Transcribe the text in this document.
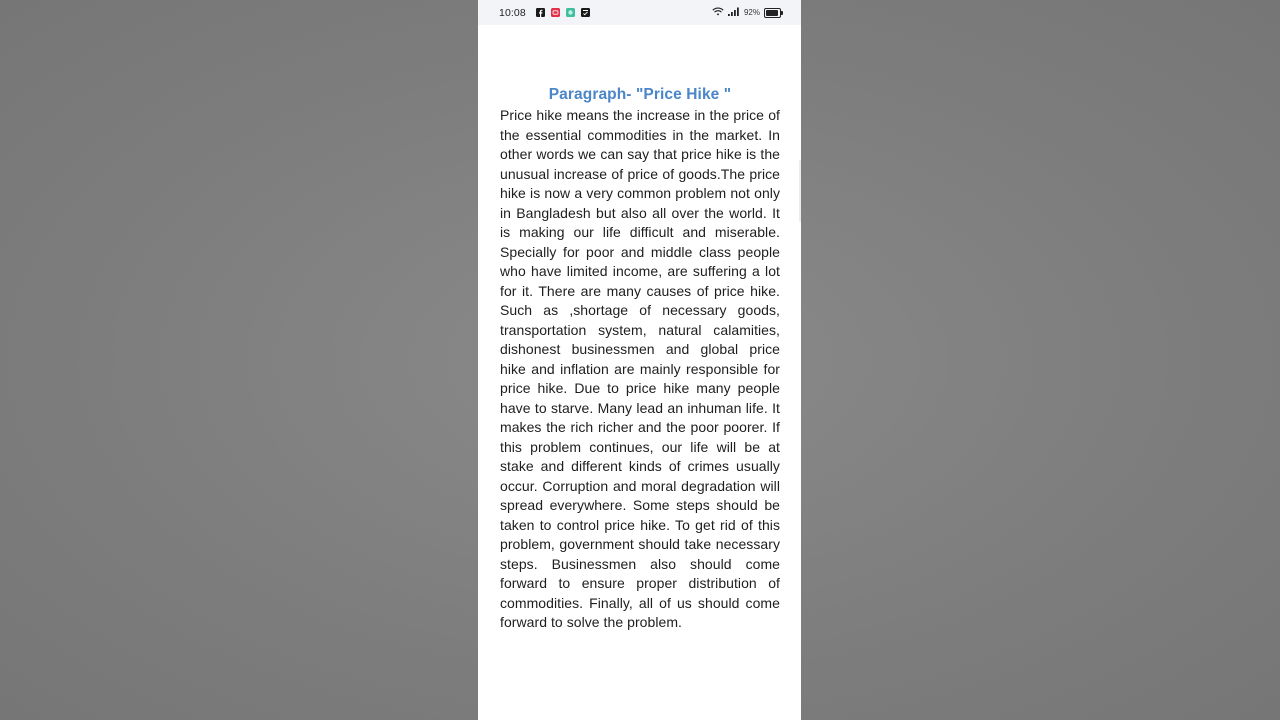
10:08	92%
Paragraph- "Price Hike "

Price hike means the increase in the price of the essential commodities in the market. In other words we can say that price hike is the unusual increase of price of goods.The price hike is now a very common problem not only in Bangladesh but also all over the world. It is making our life difficult and miserable. Specially for poor and middle class people who have limited income, are suffering a lot for it. There are many causes of price hike. Such as ,shortage of necessary goods, transportation system, natural calamities, dishonest businessmen and global price hike and inflation are mainly responsible for price hike. Due to price hike many people have to starve. Many lead an inhuman life. It makes the rich richer and the poor poorer. If this problem continues, our life will be at stake and different kinds of crimes usually occur. Corruption and moral degradation will spread everywhere. Some steps should be taken to control price hike. To get rid of this problem, government should take necessary steps. Businessmen also should come forward to ensure proper distribution of commodities. Finally, all of us should come forward to solve the problem.
